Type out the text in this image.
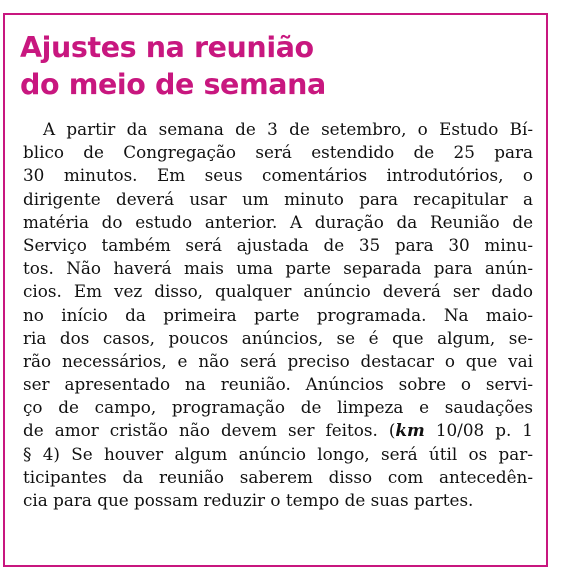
Ajustes na reunião
do meio de semana
A partir da semana de 3 de setembro, o Estudo Bí-
blico de Congregação será estendido de 25 para
30 minutos. Em seus comentários introdutórios, o
dirigente deverá usar um minuto para recapitular a
matéria do estudo anterior. A duração da Reunião de
Serviço também será ajustada de 35 para 30 minu-
tos. Não haverá mais uma parte separada para anún-
cios. Em vez disso, qualquer anúncio deverá ser dado
no início da primeira parte programada. Na maio-
ria dos casos, poucos anúncios, se é que algum, se-
rão necessários, e não será preciso destacar o que vai
ser apresentado na reunião. Anúncios sobre o servi-
ço de campo, programação de limpeza e saudações
de amor cristão não devem ser feitos. (km 10/08 p. 1
§ 4) Se houver algum anúncio longo, será útil os par-
ticipantes da reunião saberem disso com antecedên-
cia para que possam reduzir o tempo de suas partes.
